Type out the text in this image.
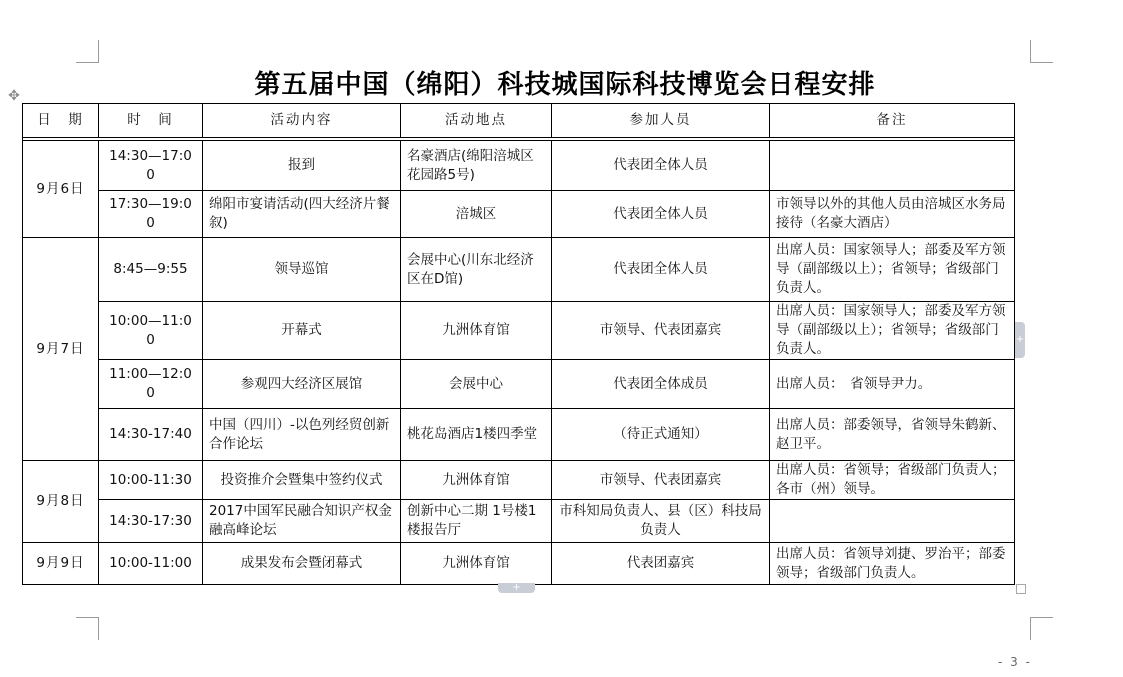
✥	第五届中国（绵阳）科技城国际科技博览会日程安排
日　期	时　间	活动内容	活动地点	参加人员	备注

9月6日	14:30—17:00	报到	名豪酒店(绵阳涪城区花园路5号)	代表团全体人员	
	17:30—19:00	绵阳市宴请活动(四大经济片餐叙)	涪城区	代表团全体人员	市领导以外的其他人员由涪城区水务局接待（名豪大酒店）
9月7日	8:45—9:55	领导巡馆	会展中心(川东北经济区在D馆)	代表团全体人员	出席人员：国家领导人；部委及军方领导（副部级以上）；省领导；省级部门负责人。
	10:00—11:00	开幕式	九洲体育馆	市领导、代表团嘉宾	出席人员：国家领导人；部委及军方领导（副部级以上）；省领导；省级部门负责人。
	11:00—12:00	参观四大经济区展馆	会展中心	代表团全体成员	出席人员：　省领导尹力。
	14:30-17:40	中国（四川）-以色列经贸创新合作论坛	桃花岛酒店1楼四季堂	（待正式通知）	出席人员：部委领导，省领导朱鹤新、赵卫平。
9月8日	10:00-11:30	投资推介会暨集中签约仪式	九洲体育馆	市领导、代表团嘉宾	出席人员：省领导；省级部门负责人；各市（州）领导。
	14:30-17:30	2017中国军民融合知识产权金融高峰论坛	创新中心二期 1号楼1楼报告厅	市科知局负责人、县（区）科技局负责人	
9月9日	10:00-11:00	成果发布会暨闭幕式	九洲体育馆	代表团嘉宾	出席人员：省领导刘捷、罗治平；部委领导；省级部门负责人。
+
+
- 3 -
